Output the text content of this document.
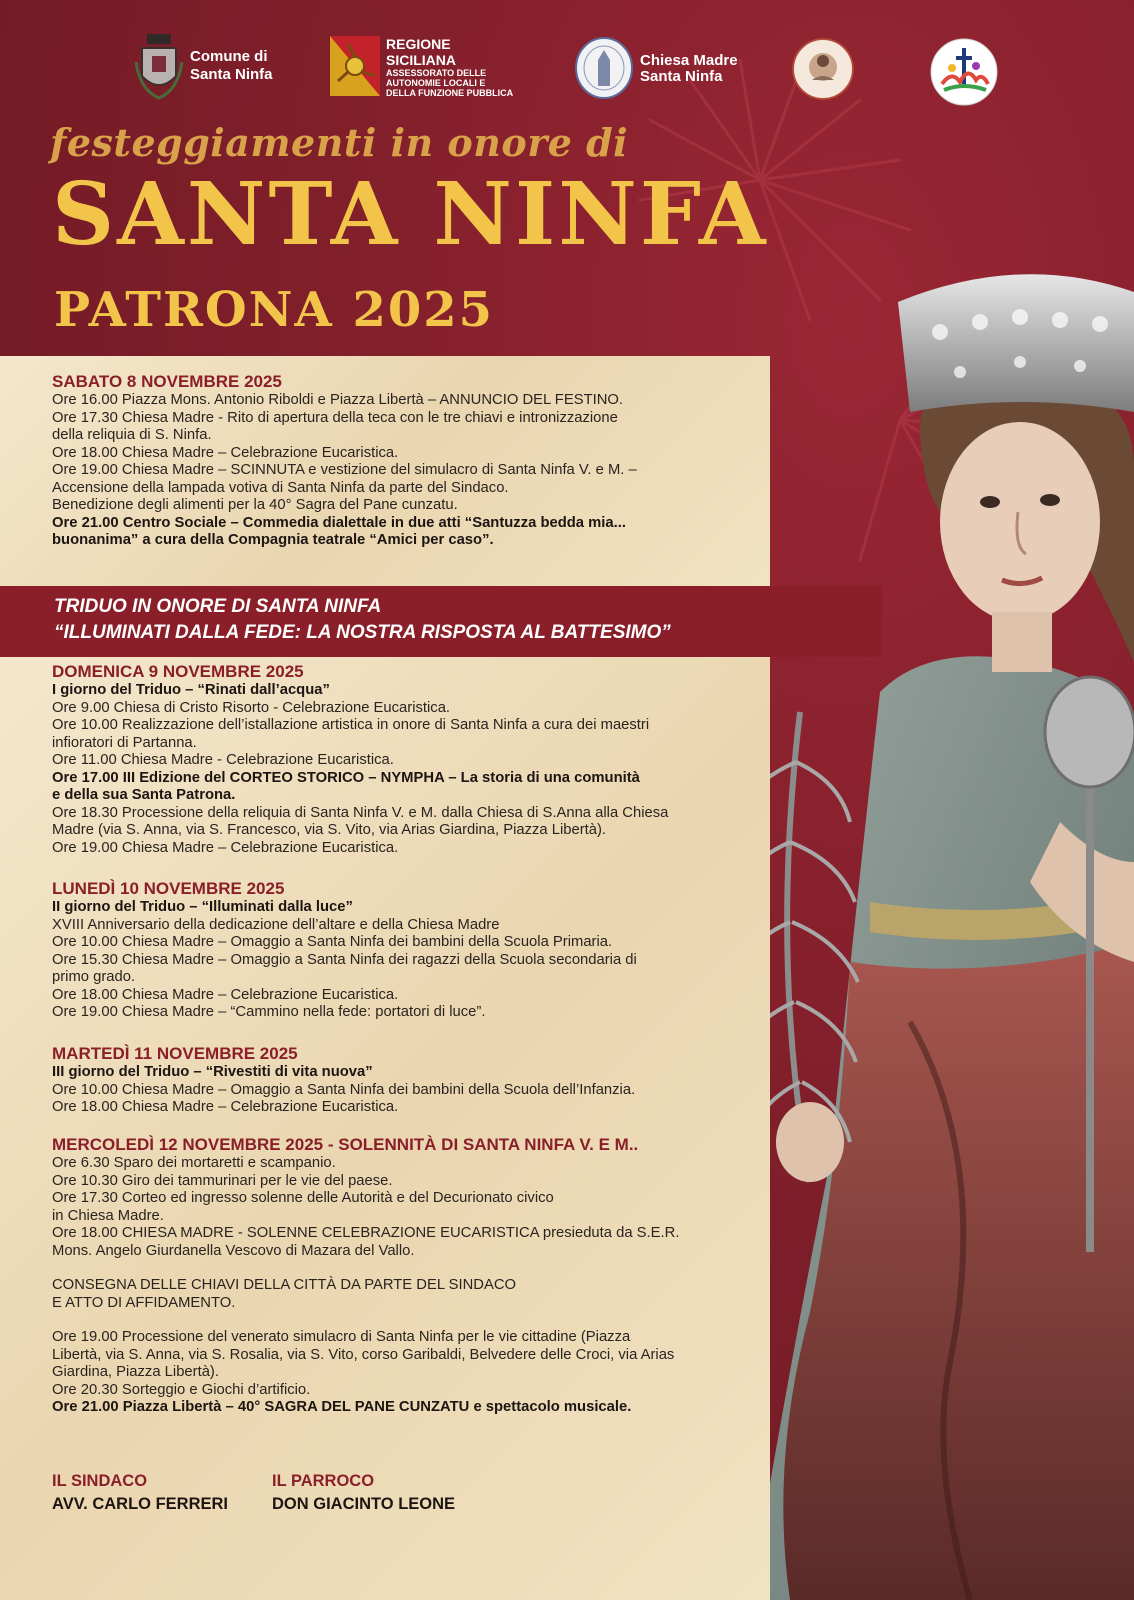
Comune di
Santa Ninfa
REGIONE
SICILIANA
ASSESSORATO DELLE
AUTONOMIE LOCALI E
DELLA FUNZIONE PUBBLICA
Chiesa Madre
Santa Ninfa
festeggiamenti in onore di
SANTA NINFA
PATRONA 2025
SABATO 8 NOVEMBRE 2025
Ore 16.00 Piazza Mons. Antonio Riboldi e Piazza Libertà – ANNUNCIO DEL FESTINO.
Ore 17.30 Chiesa Madre - Rito di apertura della teca con le tre chiavi e intronizzazione
della reliquia di S. Ninfa.
Ore 18.00 Chiesa Madre – Celebrazione Eucaristica.
Ore 19.00 Chiesa Madre – SCINNUTA e vestizione del simulacro di Santa Ninfa V. e M. –
Accensione della lampada votiva di Santa Ninfa da parte del Sindaco.
Benedizione degli alimenti per la 40° Sagra del Pane cunzatu.
Ore 21.00 Centro Sociale – Commedia dialettale in due atti “Santuzza bedda mia...
buonanima” a cura della Compagnia teatrale “Amici per caso”.
TRIDUO IN ONORE DI SANTA NINFA
“ILLUMINATI DALLA FEDE: LA NOSTRA RISPOSTA AL BATTESIMO”
DOMENICA 9 NOVEMBRE 2025
I giorno del Triduo – “Rinati dall’acqua”
Ore 9.00 Chiesa di Cristo Risorto - Celebrazione Eucaristica.
Ore 10.00 Realizzazione dell’istallazione artistica in onore di Santa Ninfa a cura dei maestri
infioratori di Partanna.
Ore 11.00 Chiesa Madre - Celebrazione Eucaristica.
Ore 17.00 III Edizione del CORTEO STORICO – NYMPHA – La storia di una comunità
e della sua Santa Patrona.
Ore 18.30 Processione della reliquia di Santa Ninfa V. e M. dalla Chiesa di S.Anna alla Chiesa
Madre (via S. Anna, via S. Francesco, via S. Vito, via Arias Giardina, Piazza Libertà).
Ore 19.00 Chiesa Madre – Celebrazione Eucaristica.
LUNEDÌ 10 NOVEMBRE 2025
II giorno del Triduo – “Illuminati dalla luce”
XVIII Anniversario della dedicazione dell’altare e della Chiesa Madre
Ore 10.00 Chiesa Madre – Omaggio a Santa Ninfa dei bambini della Scuola Primaria.
Ore 15.30 Chiesa Madre – Omaggio a Santa Ninfa dei ragazzi della Scuola secondaria di
primo grado.
Ore 18.00 Chiesa Madre – Celebrazione Eucaristica.
Ore 19.00 Chiesa Madre – “Cammino nella fede: portatori di luce”.
MARTEDÌ 11 NOVEMBRE 2025
III giorno del Triduo – “Rivestiti di vita nuova”
Ore 10.00 Chiesa Madre – Omaggio a Santa Ninfa dei bambini della Scuola dell’Infanzia.
Ore 18.00 Chiesa Madre – Celebrazione Eucaristica.
MERCOLEDÌ 12 NOVEMBRE 2025 - SOLENNITÀ DI SANTA NINFA V. E M..
Ore 6.30 Sparo dei mortaretti e scampanio.
Ore 10.30 Giro dei tammurinari per le vie del paese.
Ore 17.30 Corteo ed ingresso solenne delle Autorità e del Decurionato civico
in Chiesa Madre.
Ore 18.00 CHIESA MADRE - SOLENNE CELEBRAZIONE EUCARISTICA presieduta da S.E.R.
Mons. Angelo Giurdanella Vescovo di Mazara del Vallo.
CONSEGNA DELLE CHIAVI DELLA CITTÀ DA PARTE DEL SINDACO
E ATTO DI AFFIDAMENTO.
Ore 19.00 Processione del venerato simulacro di Santa Ninfa per le vie cittadine (Piazza
Libertà, via S. Anna, via S. Rosalia, via S. Vito, corso Garibaldi, Belvedere delle Croci, via Arias
Giardina, Piazza Libertà).
Ore 20.30 Sorteggio e Giochi d’artificio.
Ore 21.00 Piazza Libertà – 40° SAGRA DEL PANE CUNZATU e spettacolo musicale.
IL SINDACO
AVV. CARLO FERRERI
IL PARROCO
DON GIACINTO LEONE
